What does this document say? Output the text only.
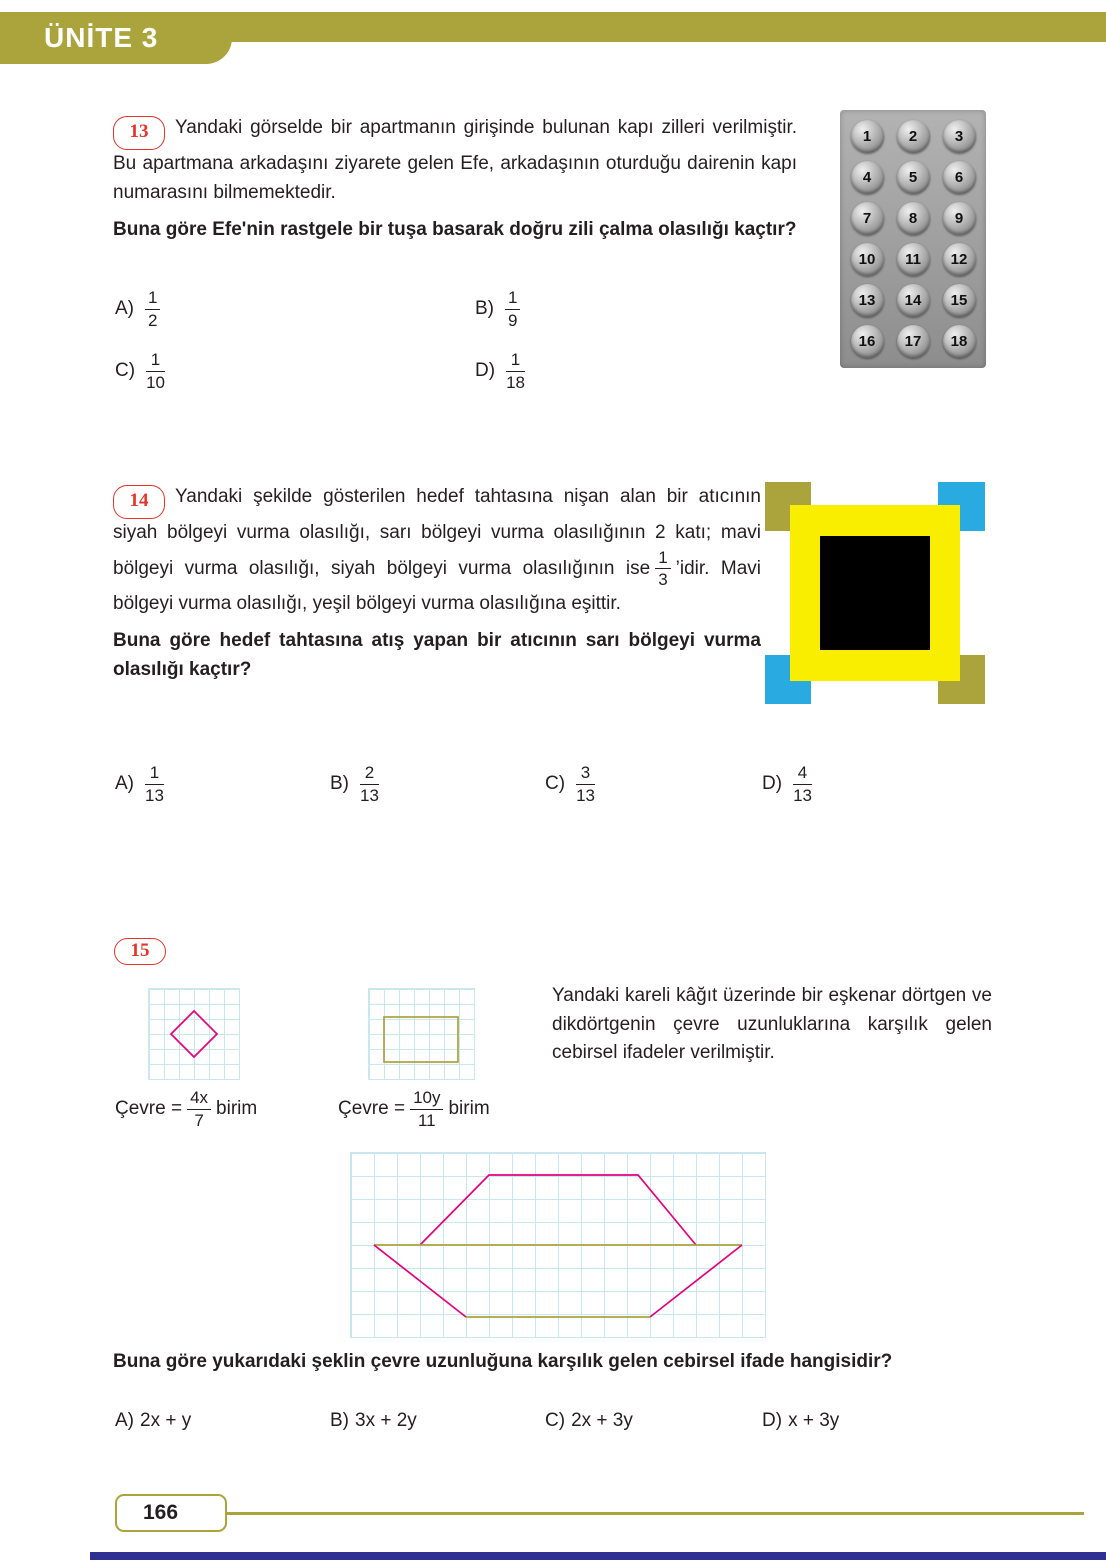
ÜNİTE 3

13 Yandaki görselde bir apartmanın girişinde bulunan kapı zilleri verilmiştir. Bu apartmana arkadaşını ziyarete gelen Efe, arkadaşının oturduğu dairenin kapı numarasını bilmemektedir.

Buna göre Efe'nin rastgele bir tuşa basarak doğru zili çalma olasılığı kaçtır?

1	2	3
4	5	6
7	8	9
10	11	12
13	14	15
16	17	18
$A) \frac{1}{2}$	$B) \frac{1}{9}$
$C) \frac{1}{10}$	$D) \frac{1}{18}$

14 Yandaki şekilde gösterilen hedef tahtasına nişan alan bir atıcının siyah bölgeyi vurma olasılığı, sarı bölgeyi vurma olasılığının 2 katı; mavi bölgeyi vurma olasılığı, siyah bölgeyi vurma olasılığının ise $\frac{1}{3}$ ’idir. Mavi bölgeyi vurma olasılığı, yeşil bölgeyi vurma olasılığına eşittir.

Buna göre hedef tahtasına atış yapan bir atıcının sarı bölgeyi vurma olasılığı kaçtır?

$A) \frac{1}{13}$	$B) \frac{2}{13}$	$C) \frac{3}{13}$	$D) \frac{4}{13}$
15
Çevre = $\frac{4x}{7}$ birim	Çevre = $\frac{10y}{11}$ birim
Yandaki kareli kâğıt üzerinde bir eşkenar dörtgen ve dikdörtgenin çevre uzunluklarına karşılık gelen cebirsel ifadeler verilmiştir.

Buna göre yukarıdaki şeklin çevre uzunluğuna karşılık gelen cebirsel ifade hangisidir?

A) 2x + y	B) 3x + 2y	C) 2x + 3y	D) x + 3y
166
